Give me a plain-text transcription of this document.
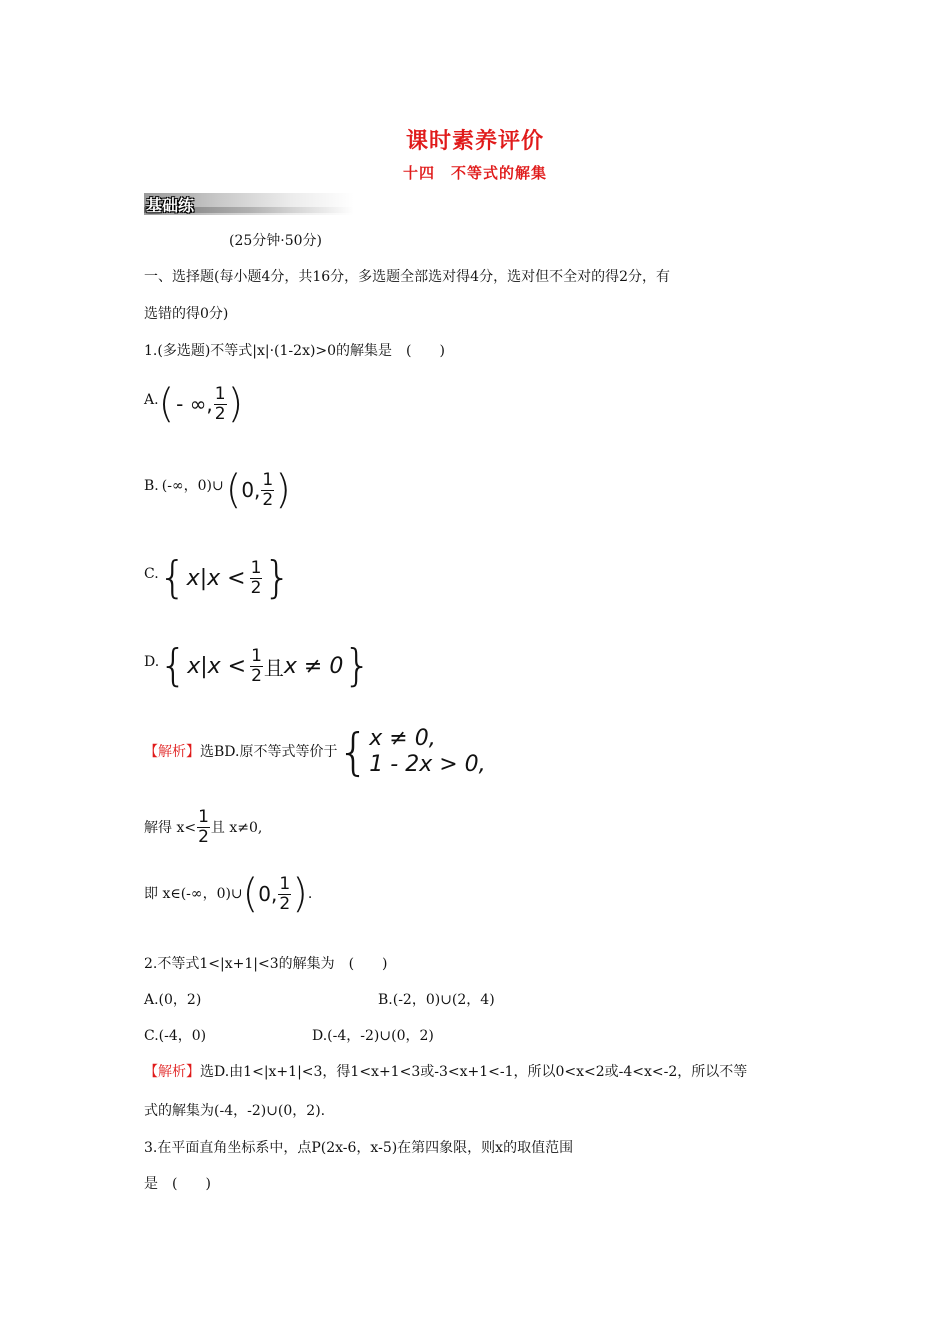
课时素养评价
十四　不等式的解集
基础练
(25分钟·50分)
一、选择题(每小题4分，共16分，多选题全部选对得4分，选对但不全对的得2分，有
选错的得0分)
1.(多选题)不等式|x|·(1-2x)>0的解集是　(　　)
A. ( - ∞, $\frac{1}{2}$ )
B. (-∞，0)∪ ( 0, $\frac{1}{2}$ )
C. { $x|x < \frac{1}{2}$ }
D. { $x|x < \frac{1}{2}$ 且 x ≠ 0 }
【解析】 选BD.原不等式等价于 { x ≠ 0,
1 - 2x > 0,
解得 $x< \frac{1}{2}$ 且 x≠0,
即 x∈(-∞，0)∪ ( 0, $\frac{1}{2}$ ) .
2.不等式1<|x+1|<3的解集为　(　　)
A.(0，2)	B.(-2，0)∪(2，4)
C.(-4，0)	D.(-4，-2)∪(0，2)
【解析】 选D.由1<|x+1|<3，得1<x+1<3或-3<x+1<-1，所以0<x<2或-4<x<-2，所以不等
式的解集为(-4，-2)∪(0，2).
3.在平面直角坐标系中，点P(2x-6，x-5)在第四象限，则x的取值范围
是　(　　)
